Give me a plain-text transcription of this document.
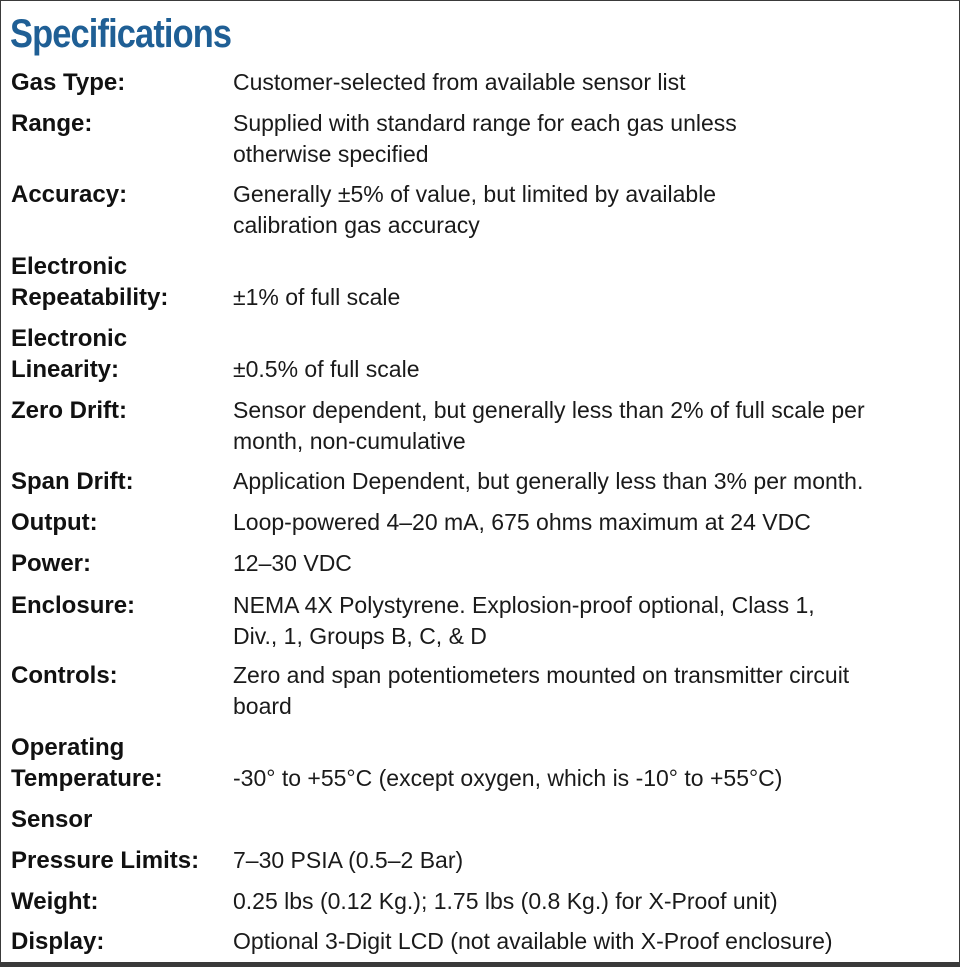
Specifications
Gas Type:	Customer-selected from available sensor list
Range:	Supplied with standard range for each gas unless
otherwise specified
Accuracy:	Generally ±5% of value, but limited by available
calibration gas accuracy
Electronic
Repeatability:	±1% of full scale
Electronic
Linearity:	±0.5% of full scale
Zero Drift:	Sensor dependent, but generally less than 2% of full scale per
month, non-cumulative
Span Drift:	Application Dependent, but generally less than 3% per month.
Output:	Loop-powered 4–20 mA, 675 ohms maximum at 24 VDC
Power:	12–30 VDC
Enclosure:	NEMA 4X Polystyrene. Explosion-proof optional, Class 1,
Div., 1, Groups B, C, & D
Controls:	Zero and span potentiometers mounted on transmitter circuit
board
Operating
Temperature:	-30° to +55°C (except oxygen, which is -10° to +55°C)
Sensor
Pressure Limits: 7–30 PSIA (0.5–2 Bar)
Weight:	0.25 lbs (0.12 Kg.); 1.75 lbs (0.8 Kg.) for X-Proof unit)
Display:	Optional 3-Digit LCD (not available with X-Proof enclosure)
